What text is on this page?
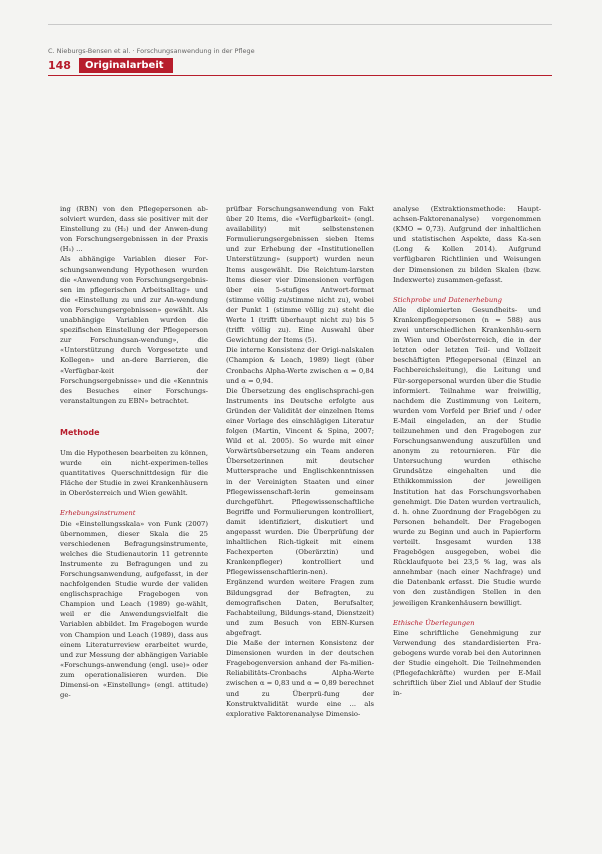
C. Nieburgs-Bensen et al. · Forschungsanwendung in der Pflege
148	Originalarbeit

ing (RBN) von den Pflegepersonen ab-solviert wurden, dass sie positiver mit der Einstellung zu (H₂) und der Anwen-dung von Forschungsergebnissen in der Praxis (H₁) ...

Als abhängige Variablen dieser For-schungsanwendung Hypothesen wurden die «Anwendung von Forschungsergebnis-sen im pflegerischen Arbeitsalltag» und die «Einstellung zu und zur An-wendung von Forschungsergebnissen» gewählt. Als unabhängige Variablen wurden die spezifischen Einstellung der Pflegeperson zur Forschungsan-wendung», die «Unterstützung durch Vorgesetzte und Kollegen» und an-dere Barrieren, die «Verfügbar-keit der Forschungsergebnisse» und die «Kenntnis des Besuches einer Forschungs-veranstaltungen zu EBN» betrachtet.

Methode

Um die Hypothesen bearbeiten zu können, wurde ein nicht-experimen-telles quantitatives Querschnittdesign für die Fläche der Studie in zwei Krankenhäusern in Oberösterreich und Wien gewählt.

Erhebungsinstrument

Die «Einstellungsskala» von Funk (2007) übernommen, dieser Skala die 25 verschiedenen Befragungsinstrumente, welches die Studienautorin 11 getrennte Instrumente zu Befragungen und zu Forschungsanwendung, aufgefasst, in der nachfolgenden Studie wurde der validen englischsprachige Fragebogen von Champion und Leach (1989) ge-wählt, weil er die Anwendungsvielfalt die Variablen abbildet. Im Fragebogen wurde von Champion und Leach (1989), dass aus einem Literaturreview erarbeitet wurde, und zur Messung der abhängigen Variable «Forschungs-anwendung (engl. use)» oder zum operationalisieren wurden. Die Dimensi-on «Einstellung» (engl. attitude) ge-

prüfbar Forschungsanwendung von Fakt über 20 Items, die «Verfügbarkeit» (engl. availability) mit selbstenstenen Formulierungsergebnissen sieben Items und zur Erhebung der «Institutionellen Unterstützung» (support) wurden neun Items ausgewählt. Die Reichtum-larsten Items dieser vier Dimensionen verfügen über ein 5-stufiges Antwort-format (stimme völlig zu/stimme nicht zu), wobei der Punkt 1 (stimme völlig zu) steht die Werte 1 (trifft überhaupt nicht zu) bis 5 (trifft völlig zu). Eine Auswahl über Gewichtung der Items (5).

Die interne Konsistenz der Origi-nalskalen (Champion & Leach, 1989) liegt (über Cronbachs Alpha-Werte zwischen α = 0,84 und α = 0,94.

Die Übersetzung des englischsprachi-gen Instruments ins Deutsche erfolgte aus Gründen der Validität der einzelnen Items einer Vorlage des einschlägigen Literatur folgen (Martin, Vincent & Spina, 2007; Wild et al. 2005). So wurde mit einer Vorwärtsübersetzung ein Team anderen Übersetzerinnen mit deutscher Muttersprache und Englischkenntnissen in der Vereinigten Staaten und einer Pflegewissenschaft-lerin gemeinsam durchgeführt. Pflegewissenschaftliche Begriffe und Formulierungen kontrolliert, damit identifiziert, diskutiert und angepasst wurden. Die Überprüfung der inhaltlichen Rich-tigkeit mit einem Fachexperten (Oberärztin) und Krankenpfleger) kontrolliert und Pflegewissenschaftlerin-nen).

Ergänzend wurden weitere Fragen zum Bildungsgrad der Befragten, zu demografischen Daten, Berufsalter, Fachabteilung, Bildungs-stand, Dienstzeit) und zum Besuch von EBN-Kursen abgefragt.

Die Maße der internen Konsistenz der Dimensionen wurden in der deutschen Fragebogenversion anhand der Fa-milien-Reliabilitäts-Cronbachs Alpha-Werte zwischen α = 0,83 und α = 0,89 berechnet und zu Überprü-fung der Konstruktvalidität wurde eine ... als explorative Faktorenanalyse Dimensio-

analyse (Extraktionsmethode: Haupt-achsen-Faktorenanalyse) vorgenommen (KMO = 0,73). Aufgrund der inhaltlichen und statistischen Aspekte, dass Ka-sen (Long & Kollen 2014). Aufgrund verfügbaren Richtlinien und Weisungen der Dimensionen zu bilden Skalen (bzw. Indexwerte) zusammen-gefasst.

Stichprobe und Datenerhebung

Alle diplomierten Gesundheits- und Krankenpflegepersonen (n = 588) aus zwei unterschiedlichen Krankenhäu-sern in Wien und Oberösterreich, die in der letzten oder letzten Teil- und Vollzeit beschäftigten Pflegepersonal (Einzel an Fachbereichsleitung), die Leitung und Für-sorgepersonal wurden über die Studie informiert. Teilnahme war freiwillig, nachdem die Zustimmung von Leitern, wurden vom Vorfeld per Brief und / oder E-Mail eingeladen, an der Studie teilzunehmen und den Fragebogen zur Forschungsanwendung auszufüllen und anonym zu retournieren. Für die Untersuchung wurden ethische Grundsätze eingehalten und die Ethikkommission der jeweiligen Institution hat das Forschungsvorhaben genehmigt. Die Daten wurden vertraulich, d. h. ohne Zuordnung der Fragebögen zu Personen behandelt. Der Fragebogen wurde zu Beginn und auch in Papierform verteilt. Insgesamt wurden 138 Fragebögen ausgegeben, wobei die Rücklaufquote bei 23,5 % lag, was als annehmbar (nach einer Nachfrage) und die Datenbank erfasst. Die Studie wurde von den zuständigen Stellen in den jeweiligen Krankenhäusern bewilligt.

Ethische Überlegungen

Eine schriftliche Genehmigung zur Verwendung des standardisierten Fra-gebogens wurde vorab bei den Autorinnen der Studie eingeholt. Die Teilnehmenden (Pflegefachkräfte) wurden per E-Mail schriftlich über Ziel und Ablauf der Studie in-
